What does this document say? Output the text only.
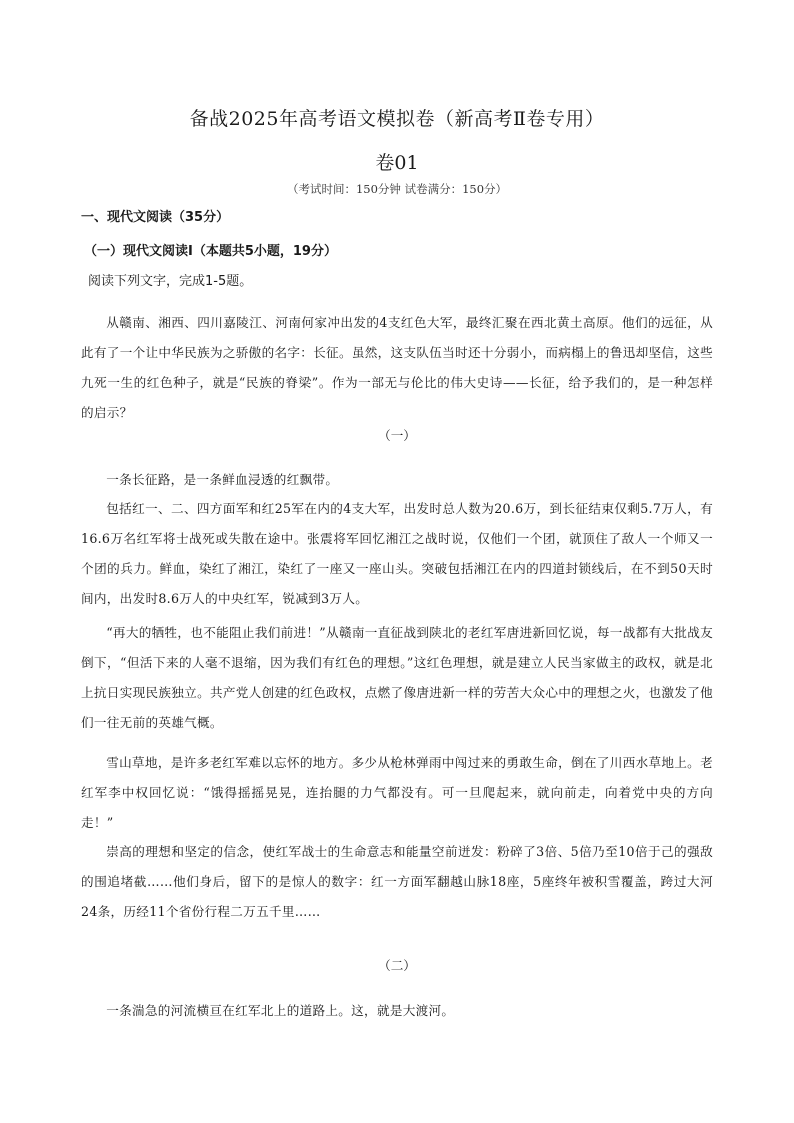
备战2025年高考语文模拟卷（新高考Ⅱ卷专用）
卷01
（考试时间：150分钟 试卷满分：150分）
一、现代文阅读（35分）
（一）现代文阅读Ⅰ（本题共5小题，19分）
阅读下列文字，完成1-5题。

从赣南、湘西、四川嘉陵江、河南何家冲出发的4支红色大军，最终汇聚在西北黄土高原。他们的远征，从此有了一个让中华民族为之骄傲的名字：长征。虽然，这支队伍当时还十分弱小，而病榻上的鲁迅却坚信，这些九死一生的红色种子，就是“民族的脊梁”。作为一部无与伦比的伟大史诗——长征，给予我们的，是一种怎样的启示？

（一）

一条长征路，是一条鲜血浸透的红飘带。

包括红一、二、四方面军和红25军在内的4支大军，出发时总人数为20.6万，到长征结束仅剩5.7万人，有16.6万名红军将士战死或失散在途中。张震将军回忆湘江之战时说，仅他们一个团，就顶住了敌人一个师又一个团的兵力。鲜血，染红了湘江，染红了一座又一座山头。突破包括湘江在内的四道封锁线后，在不到50天时间内，出发时8.6万人的中央红军，锐减到3万人。

“再大的牺牲，也不能阻止我们前进！”从赣南一直征战到陕北的老红军唐进新回忆说，每一战都有大批战友倒下，“但活下来的人毫不退缩，因为我们有红色的理想。”这红色理想，就是建立人民当家做主的政权，就是北上抗日实现民族独立。共产党人创建的红色政权，点燃了像唐进新一样的劳苦大众心中的理想之火，也激发了他们一往无前的英雄气概。

雪山草地，是许多老红军难以忘怀的地方。多少从枪林弹雨中闯过来的勇敢生命，倒在了川西水草地上。老红军李中权回忆说：“饿得摇摇晃晃，连抬腿的力气都没有。可一旦爬起来，就向前走，向着党中央的方向走！”

崇高的理想和坚定的信念，使红军战士的生命意志和能量空前迸发：粉碎了3倍、5倍乃至10倍于己的强敌的围追堵截……他们身后，留下的是惊人的数字：红一方面军翻越山脉18座，5座终年被积雪覆盖，跨过大河24条，历经11个省份行程二万五千里……

（二）

一条湍急的河流横亘在红军北上的道路上。这，就是大渡河。
